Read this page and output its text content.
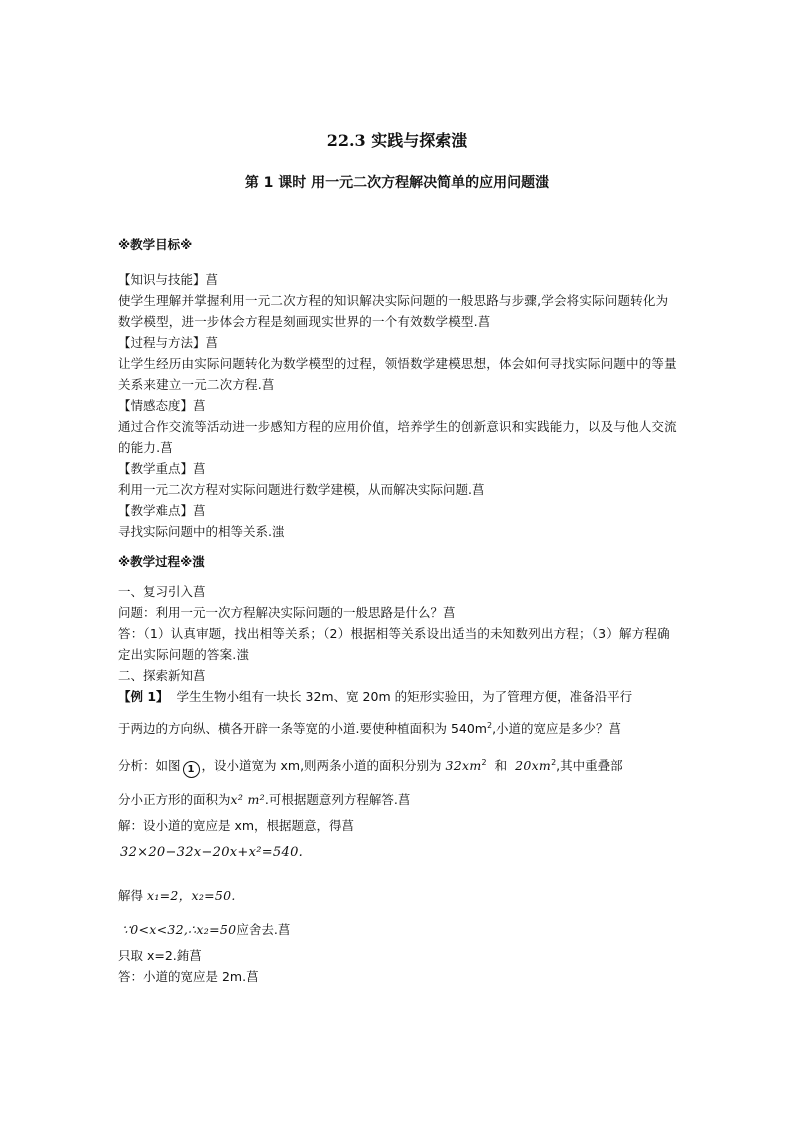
22.3 实践与探索滍
第 1 课时 用一元二次方程解决简单的应用问题滍

※教学目标※

【知识与技能】菖

使学生理解并掌握利用一元二次方程的知识解决实际问题的一般思路与步骤,学会将实际问题转化为数学模型，进一步体会方程是刻画现实世界的一个有效数学模型.菖

【过程与方法】菖

让学生经历由实际问题转化为数学模型的过程，领悟数学建模思想，体会如何寻找实际问题中的等量关系来建立一元二次方程.菖

【情感态度】菖

通过合作交流等活动进一步感知方程的应用价值，培养学生的创新意识和实践能力，以及与他人交流的能力.菖

【教学重点】菖

利用一元二次方程对实际问题进行数学建模，从而解决实际问题.菖

【教学难点】菖

寻找实际问题中的相等关系.滍

※教学过程※滍

一、复习引入菖

问题：利用一元一次方程解决实际问题的一般思路是什么？菖

答：（1）认真审题，找出相等关系；（2）根据相等关系设出适当的未知数列出方程；（3）解方程确定出实际问题的答案.滍

二、探索新知菖

【例 1】 学生生物小组有一块长 32m、宽 20m 的矩形实验田，为了管理方便，准备沿平行

于两边的方向纵、横各开辟一条等宽的小道.要使种植面积为 $540m^2$,小道的宽应是多少？菖

分析：如图 1 ，设小道宽为 xm,则两条小道的面积分别为 $32xm^2$ 和 $20xm^2$,其中重叠部

分小正方形的面积为x² m².可根据题意列方程解答.菖

解：设小道的宽应是 xm，根据题意，得菖

32×20−32x−20x+x²=540.

解得 x₁=2，x₂=50.

∵0<x<32,∴x₂=50应舍去.菖

只取 x=2.銪菖

答：小道的宽应是 2m.菖
